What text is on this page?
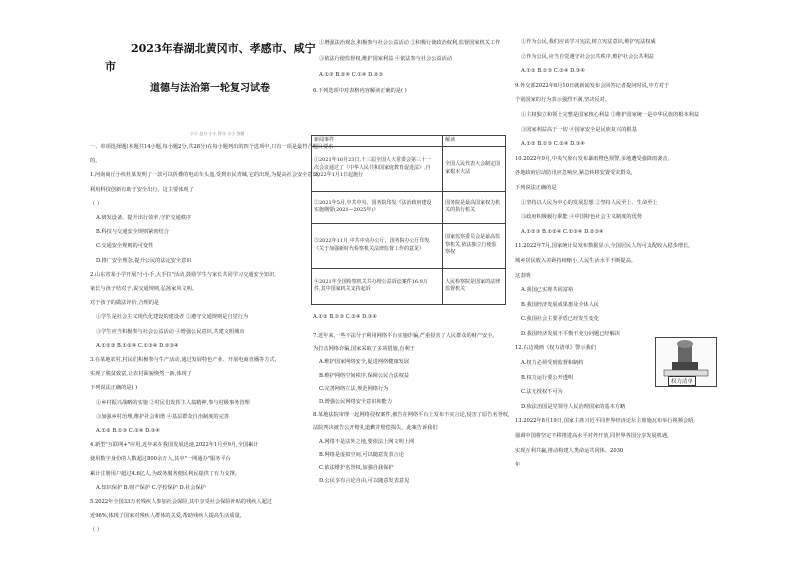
2023年春湖北黄冈市、孝感市、咸宁
市
道德与法治第一轮复习试卷
小小 总分 小小 得分 小小 答题
一、单项选择题(本题共14小题,每小题2分,共28分)在每小题列出的四个选项中,只有一项是最符合题目要求
的。
1.河南商丘小伙杜某发明了一款可以折叠的电动车头盔,受到市民青睐,它的出现,为提高社会安全意识,
利用科技创新有助于安全出行。这主要体现了
（ ）
A.研发设备、提升出行效率,守护交通秩序
B.科技与交通安全规则紧密结合
C.交通安全规则的可变性
D.推广安全理念,提升公民的法定安全意识
2.山东省某小学开展"小小手,大手拉"活动,鼓励学生与家长共同学习交通安全知识,
家长与孩子结对子,说交通规则,弘扬家风文明。
对于孩子的做法评价,合理的是
①学生是社会主义现代化建设的建设者 ②遵守交通规则是自觉行为
③学生应当积极参与社会公益活动 ④增强公民意识,共建文明城市
A.①②③ B.①②④ C.①③④ D.②③④
3.在某地农村,村民们积极参与生产活动,通过发展特色产业、开展电商直播等方式,
实现了脱贫致富,让农村面貌焕然一新,体现了
下列说法正确的是( )
①乡村振兴战略的实施 ②村民们发挥主人翁精神,参与村级事务管理
③加强乡村治理,维护社会和谐 ④基层群众自治制度的完善
A.①② B.①③ C.②④ D.③④
4.新型"互联网+"应用,近年来在我国发展迅速,2022年1月至9月,全国累计
使用数字身份的人数超过800余万人,其中"一网通办"服务平台
累计注册用户超过4.6亿人,为政务服务便民利民提供了有力支撑。
A.知识保护 B.财产保护 C.学校保护 D.社会保护
5.2022年全国33万名残疾人参加社会保险,其中享受社会保险补贴的残疾人超过
近96%,体现了国家对残疾人群体的关爱,帮助残疾人提高生活质量,
（ ）
①增强法治观念,积极参与社会公益活动 ②积极行使政治权利,监督国家机关工作
③依法行使监督权,维护国家利益 ④依法参与社会公益活动
A.①③ B.②④ C.①④ D.②③
6.下列选项中对表格内容解读正确的是( )
新闻事件	解读

①2021年10月23日,十三届全国人大常委会第三十一次会议通过了《中华人民共和国家庭教育促进法》,自2022年1月1日起施行	全国人民代表大会制定国家根本大法

②2021年5月,中共中央、国务院印发《法治政府建设实施纲要(2021—2025年)》	国务院是最高国家权力机关的执行机关

③2022年11月,中共中央办公厅、国务院办公厅印发《关于加强新时代检察机关法律监督工作的意见》	国家监察委员会是最高监察机关,依法独立行使监察权

④2021年全国检察机关共办理公益诉讼案件16.9万件,其中国家机关支持起诉	人民检察院是国家的法律监督机关
A.①② B.①③ C.②④ D.③④
7.近年来,一些不法分子利用网络平台实施诈骗,严重侵害了人民群众的财产安全。
为打击网络诈骗,国家采取了多项措施,有利于
A.维护国家网络安全,促进网络健康发展
B.维护网络空间秩序,保障公民合法权益
C.完善网络立法,规范网络行为
D.增强公民网络安全意识和能力
8.某地法院审理一起网络侵权案件,被告在网络平台上发布不实言论,侵害了原告名誉权,
法院判决被告公开赔礼道歉并赔偿损失。此案告诉我们
A.网络不是法外之地,要依法上网文明上网
B.网络是虚拟空间,可以随意发表言论
C.依法维护名誉权,加强自我保护
D.公民享有言论自由,可以随意发表意见
①作为公民,我们应该学习宪法,树立宪法意识,维护宪法权威
②作为公民,应当自觉遵守社会公共秩序,维护社会公共利益
A.①② B.①③ C.②④ D.③④
9.外交部2022年8月10日就新闻发布会回答记者提问时说,中方对于
个别国家的行为表示强烈不满,坚决反对。
①主权独立和领土完整是国家核心利益 ②维护国家统一是中华民族的根本利益
③国家利益高于一切 ④国家安全是民族复兴的根基
A.①② B.①③ C.②④ D.③④
10.2022年9月,中央气象台发布暴雨橙色预警,多地遭受强降雨袭击,
各地政府启动防汛应急响应,紧急转移安置受灾群众,
下列说法正确的是
①坚持以人民为中心的发展思想 ②坚持人民至上、生命至上
③政府积极履行职能 ④中国特色社会主义制度的优势
A.①②③ B.①②④ C.①③④ D.②③④
11.2022年7月,国家统计局发布数据显示,全国居民人均可支配收入稳步增长,
城乡居民收入差距持续缩小,人民生活水平不断提高。
这表明
A.我国已实现共同富裕
B.我国经济发展成果惠及全体人民
C.我国社会主要矛盾已经发生变化
D.我国经济发展不平衡不充分问题已经解决
12.右边漫画《权力清单》警示我们
A.权力必须受到监督和制约
B.权力运行要公开透明
C.法无授权不可为
D.依法治国是党领导人民治理国家的基本方略
13.2022年8月19日,国家主席习近平同世界经济论坛主席施瓦布举行视频会晤,
强调中国将坚定不移推进高水平对外开放,同世界各国分享发展机遇,
实现互利共赢,推动构建人类命运共同体。2030
年
权力清单
